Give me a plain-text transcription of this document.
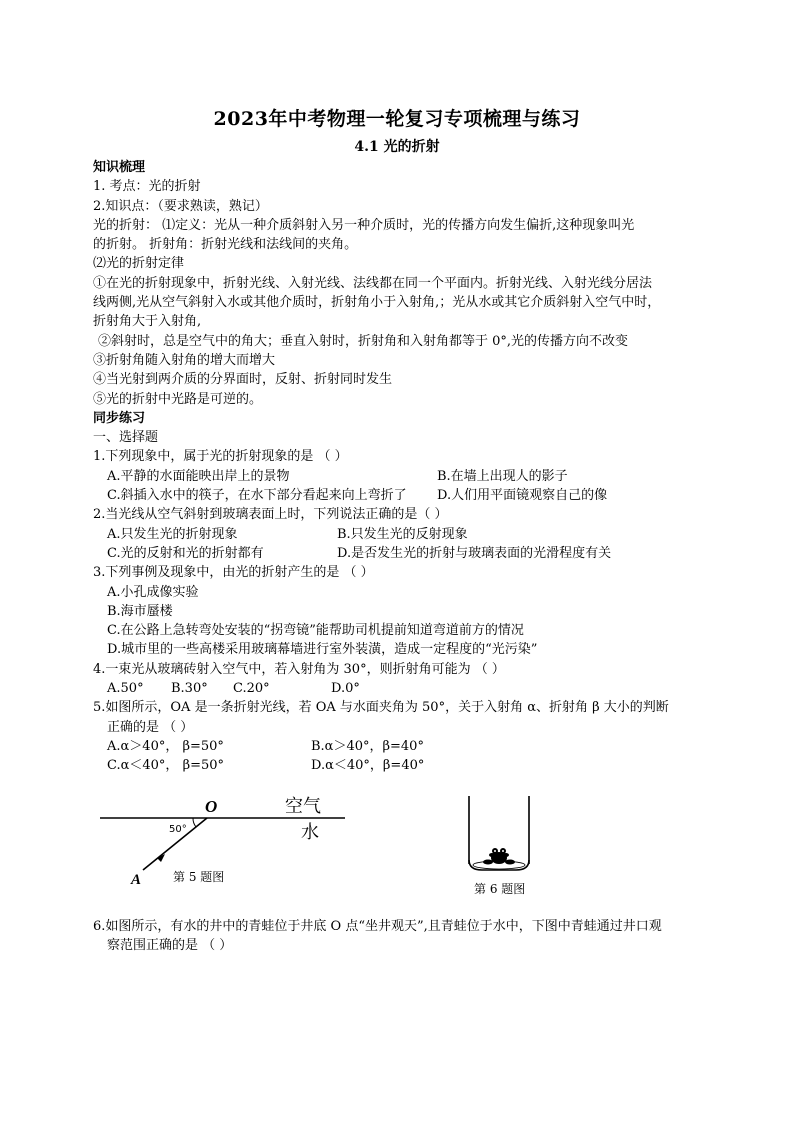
2023年中考物理一轮复习专项梳理与练习
4.1 光的折射
知识梳理
1. 考点：光的折射
2.知识点：（要求熟读，熟记）
光的折射： ⑴定义：光从一种介质斜射入另一种介质时，光的传播方向发生偏折,这种现象叫光
的折射。 折射角：折射光线和法线间的夹角。
⑵光的折射定律
①在光的折射现象中，折射光线、入射光线、法线都在同一个平面内。折射光线、入射光线分居法
线两侧,光从空气斜射入水或其他介质时，折射角小于入射角,；光从水或其它介质斜射入空气中时，
折射角大于入射角,
②斜射时，总是空气中的角大；垂直入射时，折射角和入射角都等于 0°,光的传播方向不改变
③折射角随入射角的增大而增大
④当光射到两介质的分界面时，反射、折射同时发生
⑤光的折射中光路是可逆的。
同步练习
一、选择题
1.下列现象中，属于光的折射现象的是 （ ）
A.平静的水面能映出岸上的景物	B.在墙上出现人的影子
C.斜插入水中的筷子，在水下部分看起来向上弯折了	D.人们用平面镜观察自己的像
2.当光线从空气斜射到玻璃表面上时，下列说法正确的是（ ）
A.只发生光的折射现象	B.只发生光的反射现象
C.光的反射和光的折射都有	D.是否发生光的折射与玻璃表面的光滑程度有关
3.下列事例及现象中，由光的折射产生的是 （ ）
A.小孔成像实验
B.海市蜃楼
C.在公路上急转弯处安装的“拐弯镜”能帮助司机提前知道弯道前方的情况
D.城市里的一些高楼采用玻璃幕墙进行室外装潢，造成一定程度的“光污染”
4.一束光从玻璃砖射入空气中，若入射角为 30°，则折射角可能为 （ ）
A.50°	B.30°	C.20°	D.0°
5.如图所示，OA 是一条折射光线，若 OA 与水面夹角为 50°，关于入射角 α、折射角 β 大小的判断
正确的是 （ ）
A.α＞40°， β=50°	B.α＞40°，β=40°
C.α＜40°， β=50°	D.α＜40°，β=40°
50°
O
A
空气
水
第 5 题图
第 6 题图
6.如图所示，有水的井中的青蛙位于井底 O 点“坐井观天”,且青蛙位于水中，下图中青蛙通过井口观
察范围正确的是 （ ）
